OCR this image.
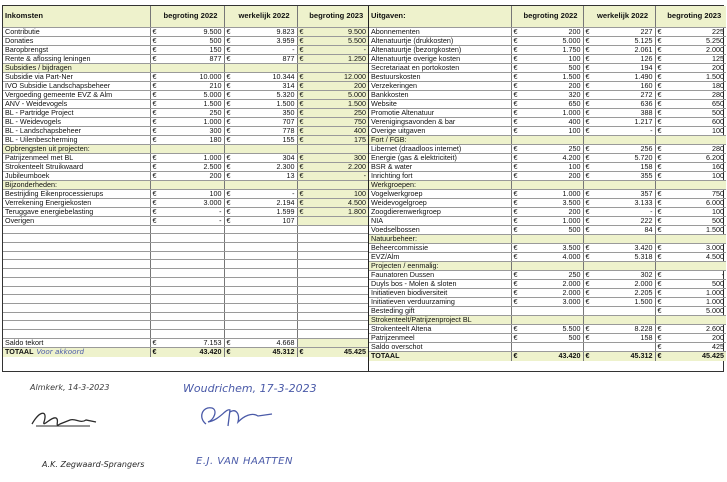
Inkomsten	begroting 2022	werkelijk 2022	begroting 2023
Contributie	€ 9.500	€ 9.823	€ 9.500
Donaties	€ 500	€ 3.959	€ 5.500
Baropbrengst	€ 150	€ -	€ -
Rente & aflossing leningen	€ 877	€ 877	€ 1.250
Subsidies / bijdragen			
Subsidie via Part-Ner	€ 10.000	€ 10.344	€ 12.000
IVO Subsidie Landschapsbeheer	€ 210	€ 314	€ 200
Vergoeding gemeente EVZ & Alm	€ 5.000	€ 5.320	€ 5.000
ANV - Weidevogels	€ 1.500	€ 1.500	€ 1.500
BL - Partridge Project	€ 250	€ 350	€ 250
BL - Weidevogels	€ 1.000	€ 707	€ 750
BL - Landschapsbeheer	€ 300	€ 778	€ 400
BL - Uilenbescherming	€ 180	€ 155	€ 175
Opbrengsten uit projecten:			
Patrijzenmeel met BL	€ 1.000	€ 304	€ 300
Strokenteelt Struikwaard	€ 2.500	€ 2.300	€ 2.200
Jubileumboek	€ 200	€ 13	€ -
Bijzonderheden:			
Bestrijding Eikenprocessierups	€ 100	€ -	€ 100
Verrekening Energiekosten	€ 3.000	€ 2.194	€ 4.500
Teruggave energiebelasting	€ -	€ 1.599	€ 1.800
Overigen	€ -	€ 107	

Saldo tekort	€ 7.153	€ 4.668	
TOTAAL Voor akkoord	€ 43.420	€ 45.312	€ 45.425
Uitgaven:	begroting 2022	werkelijk 2022	begroting 2023
Abonnementen	€ 200	€ 227	€ 225
Altenatuurtje (drukkosten)	€ 5.000	€ 5.125	€ 5.250
Altenatuurtje (bezorgkosten)	€ 1.750	€ 2.061	€ 2.000
Altenatuurtje overige kosten	€ 100	€ 126	€ 125
Secretariaat en portokosten	€ 500	€ 194	€ 200
Bestuurskosten	€ 1.500	€ 1.490	€ 1.500
Verzekeringen	€ 200	€ 160	€ 180
Bankkosten	€ 320	€ 272	€ 280
Website	€ 650	€ 636	€ 650
Promotie Altenatuur	€ 1.000	€ 388	€ 500
Verenigingsavonden & bar	€ 400	€ 1.217	€ 600
Overige uitgaven	€ 100	€ -	€ 100
Fort / FGB:			
Libernet (draadloos internet)	€ 250	€ 256	€ 280
Energie (gas & elektriciteit)	€ 4.200	€ 5.720	€ 6.200
BSR & water	€ 100	€ 158	€ 160
Inrichting fort	€ 200	€ 355	€ 100
Werkgroepen:			
Vogelwerkgroep	€ 1.000	€ 357	€ 750
Weidevogelgroep	€ 3.500	€ 3.133	€ 6.000
Zoogdierenwerkgroep	€ 200	€ -	€ 100
NIA	€ 1.000	€ 222	€ 500
Voedselbossen	€ 500	€ 84	€ 1.500
Natuurbeheer:			
Beheercommissie	€ 3.500	€ 3.420	€ 3.000
EVZ/Alm	€ 4.000	€ 5.318	€ 4.500
Projecten / eenmalig:			
Faunatoren Dussen	€ 250	€ 302	€ -
Duyls bos - Molen & sloten	€ 2.000	€ 2.000	€ 500
Initiatieven biodiversiteit	€ 2.000	€ 2.205	€ 1.000
Initiatieven verduurzaming	€ 3.000	€ 1.500	€ 1.000
Besteding gift			€ 5.000
Strokenteelt/Patrijzenproject BL			
Strokenteelt Altena	€ 5.500	€ 8.228	€ 2.600
Patrijzenmeel	€ 500	€ 158	€ 200
Saldo overschot			€ 425
TOTAAL	€ 43.420	€ 45.312	€ 45.425
Almkerk, 14-3-2023
A.K. Zegwaard-Sprangers
Woudrichem, 17-3-2023
E.J. VAN HAATTEN
